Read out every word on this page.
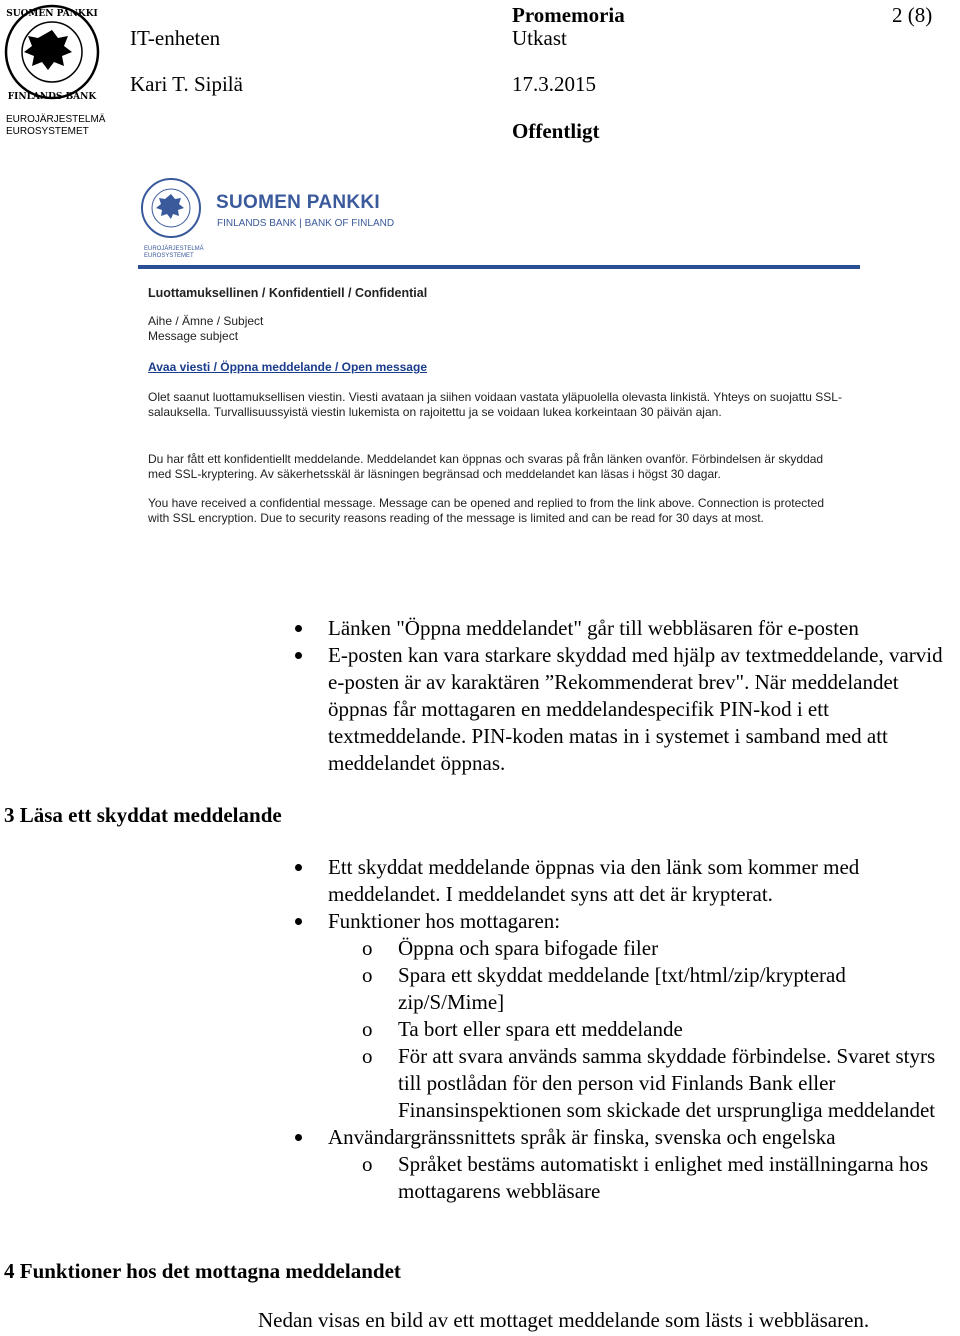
SUOMEN PANKKI
FINLANDS BANK
EUROJÄRJESTELMÄ
EUROSYSTEMET
IT-enheten
Kari T. Sipilä
Promemoria
Utkast
17.3.2015
Offentligt
2 (8)
SUOMEN PANKKI
FINLANDS BANK | BANK OF FINLAND
EUROJÄRJESTELMÄ
EUROSYSTEMET
Luottamuksellinen / Konfidentiell / Confidential
Aihe / Ämne / Subject
Message subject
Avaa viesti / Öppna meddelande / Open message
Olet saanut luottamuksellisen viestin. Viesti avataan ja siihen voidaan vastata yläpuolella olevasta linkistä. Yhteys on suojattu SSL-salauksella. Turvallisuussyistä viestin lukemista on rajoitettu ja se voidaan lukea korkeintaan 30 päivän ajan.
Du har fått ett konfidentiellt meddelande. Meddelandet kan öppnas och svaras på från länken ovanför. Förbindelsen är skyddad med SSL-kryptering. Av säkerhetsskäl är läsningen begränsad och meddelandet kan läsas i högst 30 dagar.
You have received a confidential message. Message can be opened and replied to from the link above. Connection is protected with SSL encryption. Due to security reasons reading of the message is limited and can be read for 30 days at most.
Länken "Öppna meddelandet" går till webbläsaren för e-posten
E-posten kan vara starkare skyddad med hjälp av textmeddelande, varvid e-posten är av karaktären ”Rekommenderat brev". När meddelandet öppnas får mottagaren en meddelandespecifik PIN-kod i ett textmeddelande. PIN-koden matas in i systemet i samband med att meddelandet öppnas.
3 Läsa ett skyddat meddelande
Ett skyddat meddelande öppnas via den länk som kommer med meddelandet. I meddelandet syns att det är krypterat.
Funktioner hos mottagaren:
o Öppna och spara bifogade filer
o Spara ett skyddat meddelande [txt/html/zip/krypterad zip/S/Mime]
o Ta bort eller spara ett meddelande
o För att svara används samma skyddade förbindelse. Svaret styrs till postlådan för den person vid Finlands Bank eller Finansinspektionen som skickade det ursprungliga meddelandet
Användargränssnittets språk är finska, svenska och engelska
o Språket bestäms automatiskt i enlighet med inställningarna hos mottagarens webbläsare
4 Funktioner hos det mottagna meddelandet
Nedan visas en bild av ett mottaget meddelande som lästs i webbläsaren.
